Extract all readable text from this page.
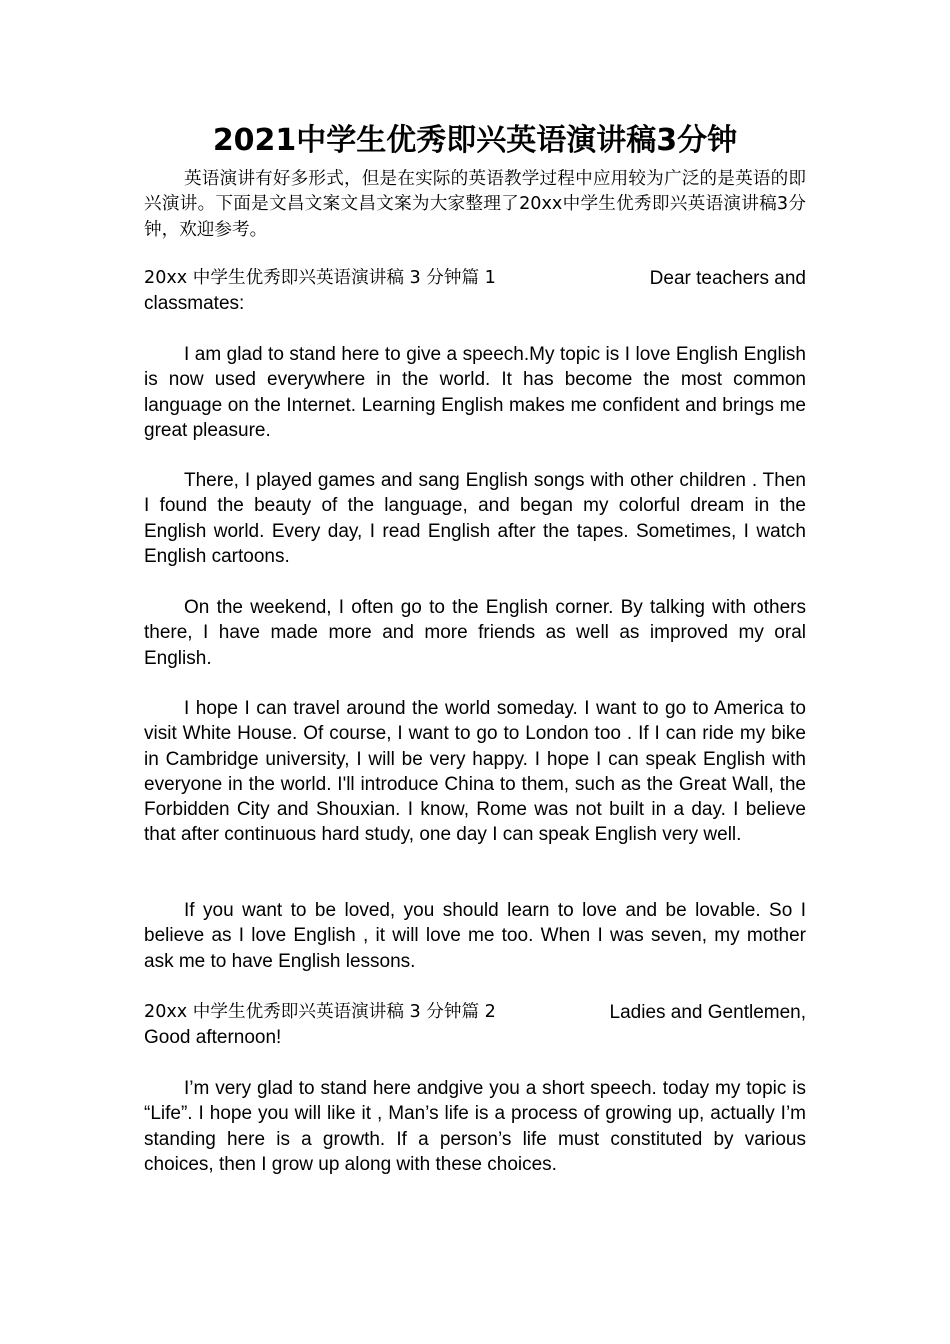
2021中学生优秀即兴英语演讲稿3分钟
英语演讲有好多形式，但是在实际的英语教学过程中应用较为广泛的是英语的即兴演讲。下面是文昌文案文昌文案为大家整理了20xx中学生优秀即兴英语演讲稿3分钟，欢迎参考。
20xx 中学生优秀即兴英语演讲稿 3 分钟篇 1	Dear teachers and
classmates:
I am glad to stand here to give a speech.My topic is I love English English is now used everywhere in the world. It has become the most common language on the Internet. Learning English makes me confident and brings me great pleasure.
There, I played games and sang English songs with other children . Then I found the beauty of the language, and began my colorful dream in the English world. Every day, I read English after the tapes. Sometimes, I watch English cartoons.
On the weekend, I often go to the English corner. By talking with others there, I have made more and more friends as well as improved my oral English.
I hope I can travel around the world someday. I want to go to America to visit White House. Of course, I want to go to London too . If I can ride my bike in Cambridge university, I will be very happy. I hope I can speak English with everyone in the world. I'll introduce China to them, such as the Great Wall, the Forbidden City and Shouxian. I know, Rome was not built in a day. I believe that after continuous hard study, one day I can speak English very well.
If you want to be loved, you should learn to love and be lovable. So I believe as I love English , it will love me too. When I was seven, my mother ask me to have English lessons.
20xx 中学生优秀即兴英语演讲稿 3 分钟篇 2	Ladies and Gentlemen,
Good afternoon!
I’m very glad to stand here andgive you a short speech. today my topic is “Life”. I hope you will like it , Man’s life is a process of growing up, actually I’m standing here is a growth. If a person’s life must constituted by various choices, then I grow up along with these choices.
